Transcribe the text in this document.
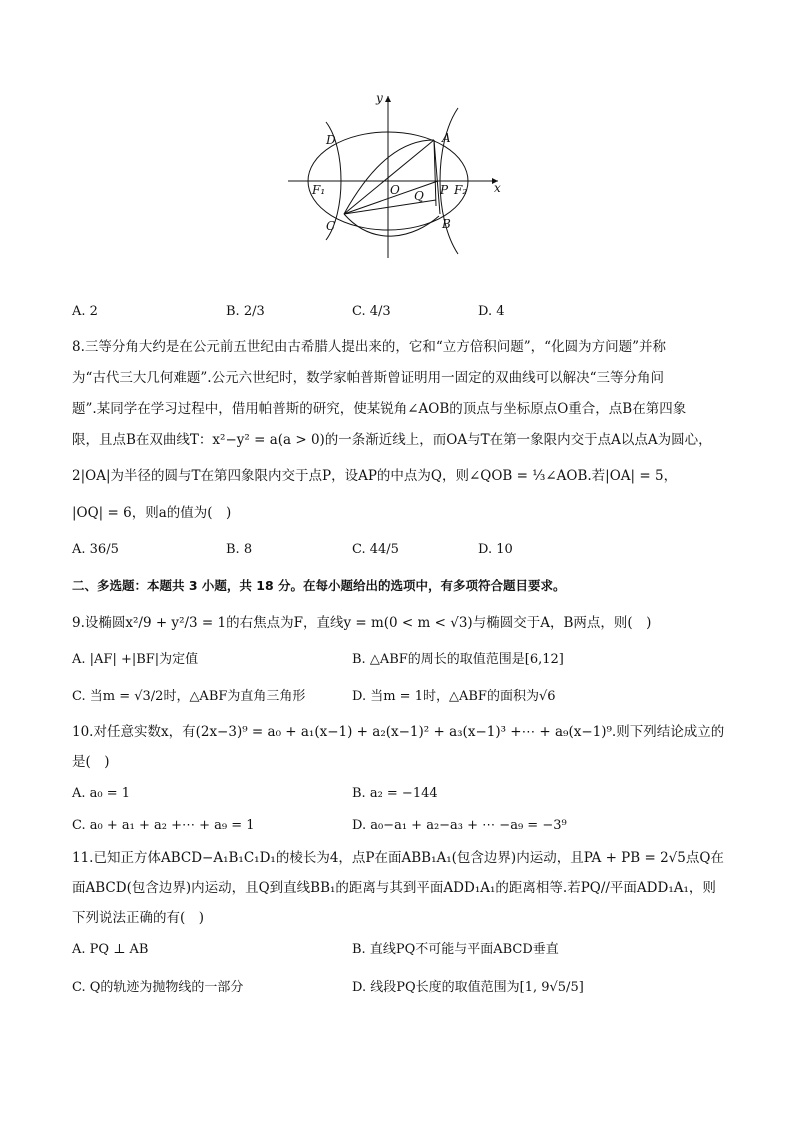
y
x
A
B
C
D
O	P
Q
F₁	F₂
A. 2	B. 2/3	C. 4/3	D. 4
8.三等分角大约是在公元前五世纪由古希腊人提出来的，它和“立方倍积问题”，“化圆为方问题”并称
为“古代三大几何难题”.公元六世纪时，数学家帕普斯曾证明用一固定的双曲线可以解决“三等分角问
题”.某同学在学习过程中，借用帕普斯的研究，使某锐角∠AOB的顶点与坐标原点O重合，点B在第四象
限，且点B在双曲线T：x²−y² = a(a > 0)的一条渐近线上，而OA与T在第一象限内交于点A以点A为圆心，
2|OA|为半径的圆与T在第四象限内交于点P，设AP的中点为Q，则∠QOB = ⅓∠AOB.若|OA| = 5，
|OQ| = 6，则a的值为(　)
A. 36/5	B. 8	C. 44/5	D. 10
二、多选题：本题共 3 小题，共 18 分。在每小题给出的选项中，有多项符合题目要求。
9.设椭圆x²/9 + y²/3 = 1的右焦点为F，直线y = m(0 < m < √3)与椭圆交于A，B两点，则(　)
A. |AF| +|BF|为定值	B. △ABF的周长的取值范围是[6,12]
C. 当m = √3/2时，△ABF为直角三角形	D. 当m = 1时，△ABF的面积为√6
10.对任意实数x，有(2x−3)⁹ = a₀ + a₁(x−1) + a₂(x−1)² + a₃(x−1)³ +⋯ + a₉(x−1)⁹.则下列结论成立的
是(　)
A. a₀ = 1	B. a₂ = −144
C. a₀ + a₁ + a₂ +⋯ + a₉ = 1	D. a₀−a₁ + a₂−a₃ + ⋯ −a₉ = −3⁹
11.已知正方体ABCD−A₁B₁C₁D₁的棱长为4，点P在面ABB₁A₁(包含边界)内运动，且PA + PB = 2√5点Q在
面ABCD(包含边界)内运动，且Q到直线BB₁的距离与其到平面ADD₁A₁的距离相等.若PQ//平面ADD₁A₁，则
下列说法正确的有(　)
A. PQ ⊥ AB	B. 直线PQ不可能与平面ABCD垂直
C. Q的轨迹为抛物线的一部分	D. 线段PQ长度的取值范围为[1, 9√5/5]
